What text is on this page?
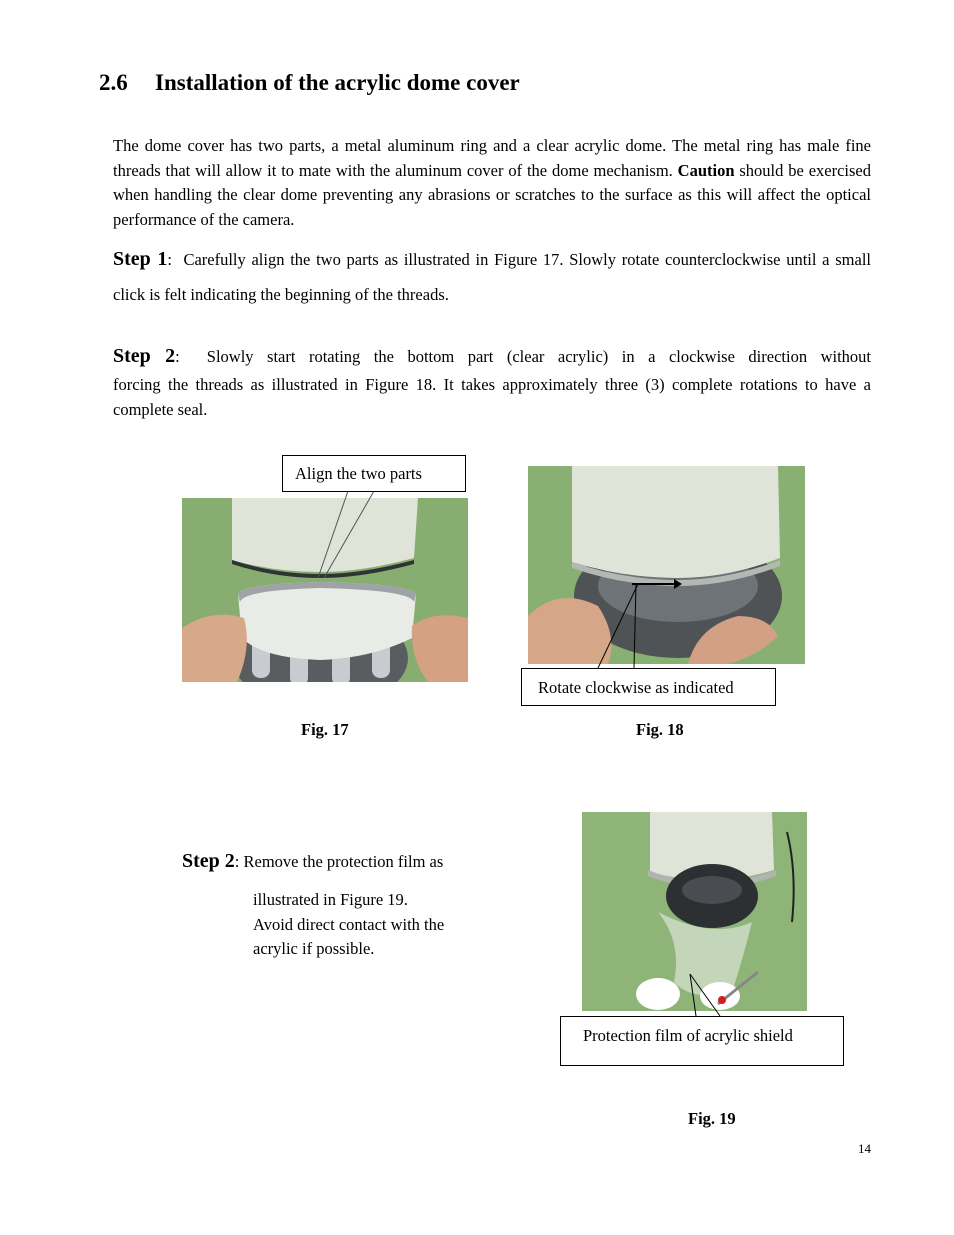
2.6 Installation of the acrylic dome cover
The dome cover has two parts, a metal aluminum ring and a clear acrylic dome. The metal ring has male fine threads that will allow it to mate with the aluminum cover of the dome mechanism. Caution should be exercised when handling the clear dome preventing any abrasions or scratches to the surface as this will affect the optical performance of the camera.
Step 1: Carefully align the two parts as illustrated in Figure 17. Slowly rotate counterclockwise until a small click is felt indicating the beginning of the threads.
Step 2: Slowly start rotating the bottom part (clear acrylic) in a clockwise direction without
forcing the threads as illustrated in Figure 18. It takes approximately three (3) complete rotations to have a complete seal.
Align the two parts
Rotate clockwise as indicated
Protection film of acrylic shield
Fig. 17	Fig. 18
Fig. 19
Step 2: Remove the protection film as
illustrated in Figure 19.
Avoid direct contact with the
acrylic if possible.
14
